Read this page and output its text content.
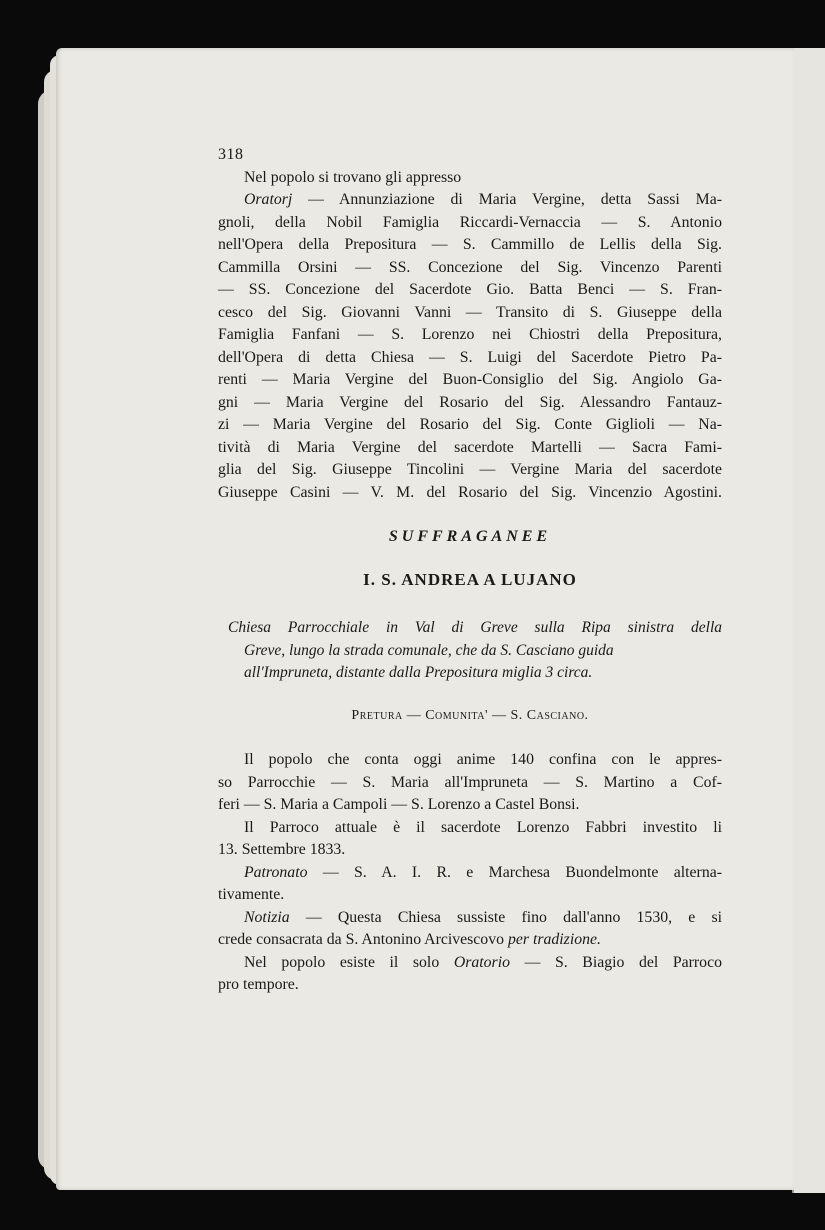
318
Nel popolo si trovano gli appresso
Oratorj — Annunziazione di Maria Vergine, detta Sassi Ma-
gnoli, della Nobil Famiglia Riccardi-Vernaccia — S. Antonio
nell'Opera della Prepositura — S. Cammillo de Lellis della Sig.
Cammilla Orsini — SS. Concezione del Sig. Vincenzo Parenti
— SS. Concezione del Sacerdote Gio. Batta Benci — S. Fran-
cesco del Sig. Giovanni Vanni — Transito di S. Giuseppe della
Famiglia Fanfani — S. Lorenzo nei Chiostri della Prepositura,
dell'Opera di detta Chiesa — S. Luigi del Sacerdote Pietro Pa-
renti — Maria Vergine del Buon-Consiglio del Sig. Angiolo Ga-
gni — Maria Vergine del Rosario del Sig. Alessandro Fantauz-
zi — Maria Vergine del Rosario del Sig. Conte Giglioli — Na-
tività di Maria Vergine del sacerdote Martelli — Sacra Fami-
glia del Sig. Giuseppe Tincolini — Vergine Maria del sacerdote
Giuseppe Casini — V. M. del Rosario del Sig. Vincenzio Agostini.
SUFFRAGANEE
I. S. ANDREA A LUJANO
Chiesa Parrocchiale in Val di Greve sulla Ripa sinistra della
Greve, lungo la strada comunale, che da S. Casciano guida
all'Impruneta, distante dalla Prepositura miglia 3 circa.
Pretura — Comunita' — S. Casciano.
Il popolo che conta oggi anime 140 confina con le appres-
so Parrocchie — S. Maria all'Impruneta — S. Martino a Cof-
feri — S. Maria a Campoli — S. Lorenzo a Castel Bonsi.
Il Parroco attuale è il sacerdote Lorenzo Fabbri investito li
13. Settembre 1833.
Patronato — S. A. I. R. e Marchesa Buondelmonte alterna-
tivamente.
Notizia — Questa Chiesa sussiste fino dall'anno 1530, e si
crede consacrata da S. Antonino Arcivescovo per tradizione.
Nel popolo esiste il solo Oratorio — S. Biagio del Parroco
pro tempore.
